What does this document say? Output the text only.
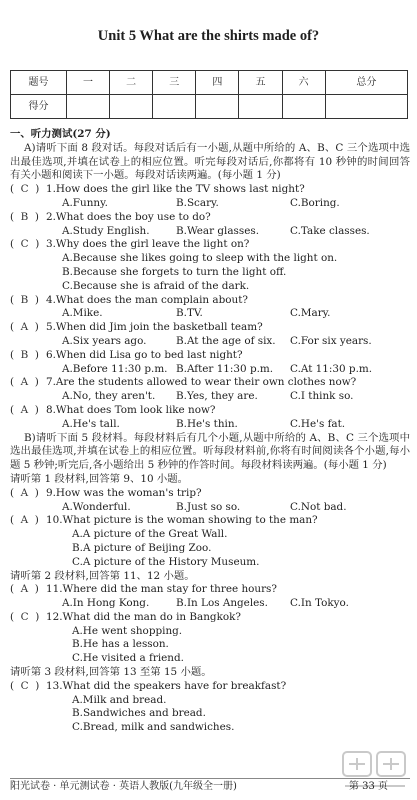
Unit 5 What are the shirts made of?
题号	一	二	三	四	五	六	总分
得分							
一、听力测试(27 分)
A)请听下面 8 段对话。每段对话后有一小题,从题中所给的 A、B、C 三个选项中选出最佳选项,并填在试卷上的相应位置。听完每段对话后,你都将有 10 秒钟的时间回答有关小题和阅读下一小题。每段对话读两遍。(每小题 1 分)
(  C  ) 1.How does the girl like the TV shows last night?
A.Funny.	B.Scary.	C.Boring.
(  B  ) 2.What does the boy use to do?
A.Study English.	B.Wear glasses.	C.Take classes.
(  C  ) 3.Why does the girl leave the light on?
A.Because she likes going to sleep with the light on.
B.Because she forgets to turn the light off.
C.Because she is afraid of the dark.
(  B  ) 4.What does the man complain about?
A.Mike.	B.TV.	C.Mary.
(  A  ) 5.When did Jim join the basketball team?
A.Six years ago.	B.At the age of six. C.For six years.
(  B  ) 6.When did Lisa go to bed last night?
A.Before 11:30 p.m. B.After 11:30 p.m. C.At 11:30 p.m.
(  A  ) 7.Are the students allowed to wear their own clothes now?
A.No, they aren't. B.Yes, they are.	C.I think so.
(  A  ) 8.What does Tom look like now?
A.He's tall.	B.He's thin.	C.He's fat.
B)请听下面 5 段材料。每段材料后有几个小题,从题中所给的 A、B、C 三个选项中选出最佳选项,并填在试卷上的相应位置。听每段材料前,你将有时间阅读各个小题,每小题 5 秒钟;听完后,各小题给出 5 秒钟的作答时间。每段材料读两遍。(每小题 1 分)
请听第 1 段材料,回答第 9、10 小题。
(  A  ) 9.How was the woman's trip?
A.Wonderful.	B.Just so so.	C.Not bad.
(  A  ) 10.What picture is the woman showing to the man?
A.A picture of the Great Wall.
B.A picture of Beijing Zoo.
C.A picture of the History Museum.
请听第 2 段材料,回答第 11、12 小题。
(  A  ) 11.Where did the man stay for three hours?
A.In Hong Kong.	B.In Los Angeles. C.In Tokyo.
(  C  ) 12.What did the man do in Bangkok?
A.He went shopping.
B.He has a lesson.
C.He visited a friend.
请听第 3 段材料,回答第 13 至第 15 小题。
(  C  ) 13.What did the speakers have for breakfast?
A.Milk and bread.
B.Sandwiches and bread.
C.Bread, milk and sandwiches.
阳光试卷 · 单元测试卷 · 英语人教版(九年级全一册)	第 33 页
